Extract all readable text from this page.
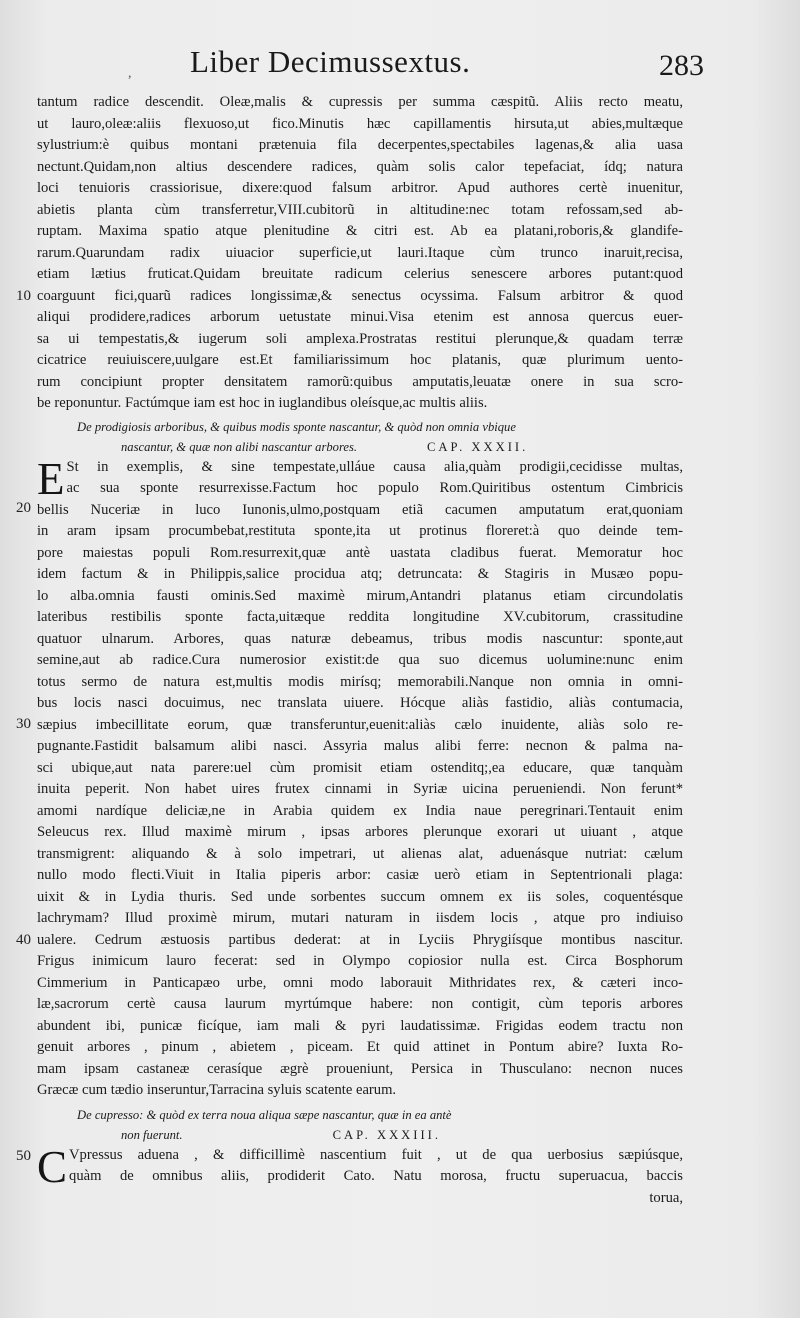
, Liber Decimussextus.	283
10
20
30
40
50
tantum radice descendit. Oleæ,malis & cupressis per summa cæspitũ. Aliis recto meatu,
ut lauro,oleæ:aliis flexuoso,ut fico.Minutis hæc capillamentis hirsuta,ut abies,multæque
sylustrium:è quibus montani prætenuia fila decerpentes,spectabiles lagenas,& alia uasa
nectunt.Quidam,non altius descendere radices, quàm solis calor tepefaciat, ídq; natura
loci tenuioris crassiorisue, dixere:quod falsum arbitror. Apud authores certè inuenitur,
abietis planta cùm transferretur,VIII.cubitorũ in altitudine:nec totam refossam,sed ab-
ruptam. Maxima spatio atque plenitudine & citri est. Ab ea platani,roboris,& glandife-
rarum.Quarundam radix uiuacior superficie,ut lauri.Itaque cùm trunco inaruit,recisa,
etiam lætius fruticat.Quidam breuitate radicum celerius senescere arbores putant:quod
coarguunt fici,quarũ radices longissimæ,& senectus ocyssima. Falsum arbitror & quod
aliqui prodidere,radices arborum uetustate minui.Visa etenim est annosa quercus euer-
sa ui tempestatis,& iugerum soli amplexa.Prostratas restitui plerunque,& quadam terræ
cicatrice reuiuiscere,uulgare est.Et familiarissimum hoc platanis, quæ plurimum uento-
rum concipiunt propter densitatem ramorũ:quibus amputatis,leuatæ onere in sua scro-
be reponuntur. Factúmque iam est hoc in iuglandibus oleísque,ac multis aliis.
De prodigiosis arboribus, & quibus modis sponte nascantur, & quòd non omnia vbique
nascantur, & quæ non alibi nascantur arbores.	CAP. XXXII.
E St in exemplis, & sine tempestate,ulláue causa alia,quàm prodigii,cecidisse multas,
ac sua sponte resurrexisse.Factum hoc populo Rom.Quiritibus ostentum Cimbricis
bellis Nuceriæ in luco Iunonis,ulmo,postquam etiã cacumen amputatum erat,quoniam
in aram ipsam procumbebat,restituta sponte,ita ut protinus floreret:à quo deinde tem-
pore maiestas populi Rom.resurrexit,quæ antè uastata cladibus fuerat. Memoratur hoc
idem factum & in Philippis,salice procidua atq; detruncata: & Stagiris in Musæo popu-
lo alba.omnia fausti ominis.Sed maximè mirum,Antandri platanus etiam circundolatis
lateribus restibilis sponte facta,uitæque reddita longitudine XV.cubitorum, crassitudine
quatuor ulnarum. Arbores, quas naturæ debeamus, tribus modis nascuntur: sponte,aut
semine,aut ab radice.Cura numerosior existit:de qua suo dicemus uolumine:nunc enim
totus sermo de natura est,multis modis mirísq; memorabili.Nanque non omnia in omni-
bus locis nasci docuimus, nec translata uiuere. Hócque aliàs fastidio, aliàs contumacia,
sæpius imbecillitate eorum, quæ transferuntur,euenit:aliàs cælo inuidente, aliàs solo re-
pugnante.Fastidit balsamum alibi nasci. Assyria malus alibi ferre: necnon & palma na-
sci ubique,aut nata parere:uel cùm promisit etiam ostenditq;,ea educare, quæ tanquàm
inuita peperit. Non habet uires frutex cinnami in Syriæ uicina perueniendi. Non ferunt*
amomi nardíque deliciæ,ne in Arabia quidem ex India naue peregrinari.Tentauit enim
Seleucus rex. Illud maximè mirum , ipsas arbores plerunque exorari ut uiuant , atque
transmigrent: aliquando & à solo impetrari, ut alienas alat, aduenásque nutriat: cælum
nullo modo flecti.Viuit in Italia piperis arbor: casiæ uerò etiam in Septentrionali plaga:
uixit & in Lydia thuris. Sed unde sorbentes succum omnem ex iis soles, coquentésque
lachrymam? Illud proximè mirum, mutari naturam in iisdem locis , atque pro indiuiso
ualere. Cedrum æstuosis partibus dederat: at in Lyciis Phrygiísque montibus nascitur.
Frigus inimicum lauro fecerat: sed in Olympo copiosior nulla est. Circa Bosphorum
Cimmerium in Panticapæo urbe, omni modo laborauit Mithridates rex, & cæteri inco-
læ,sacrorum certè causa laurum myrtúmque habere: non contigit, cùm teporis arbores
abundent ibi, punicæ ficíque, iam mali & pyri laudatissimæ. Frigidas eodem tractu non
genuit arbores , pinum , abietem , piceam. Et quid attinet in Pontum abire? Iuxta Ro-
mam ipsam castaneæ cerasíque ægrè proueniunt, Persica in Thusculano: necnon nuces
Græcæ cum tædio inseruntur,Tarracina syluis scatente earum.
De cupresso: & quòd ex terra noua aliqua sæpe nascantur, quæ in ea antè
non fuerunt.	CAP. XXXIII.
C Vpressus aduena , & difficillimè nascentium fuit , ut de qua uerbosius sæpiúsque,
quàm de omnibus aliis, prodiderit Cato. Natu morosa, fructu superuacua, baccis
torua,
